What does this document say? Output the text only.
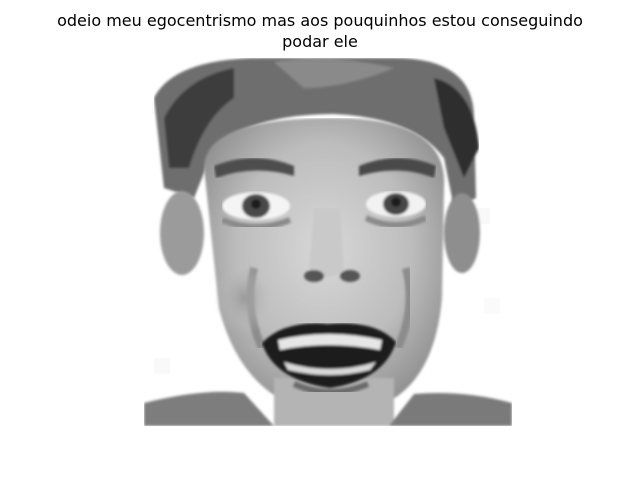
odeio meu egocentrismo mas aos pouquinhos estou conseguindo
podar ele
